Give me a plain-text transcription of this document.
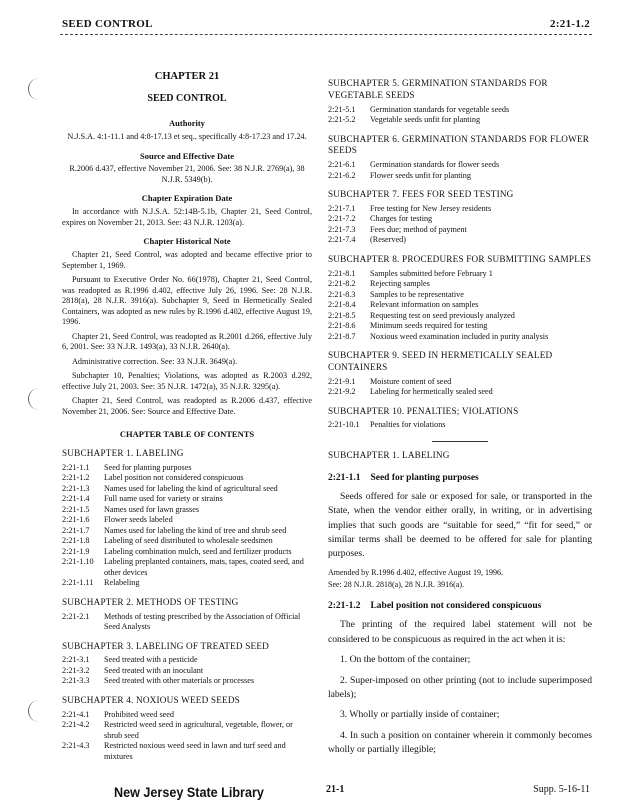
SEED CONTROL	2:21-1.2
CHAPTER 21
SEED CONTROL
Authority
N.J.S.A. 4:1-11.1 and 4:8-17.13 et seq., specifically 4:8-17.23 and 17.24.
Source and Effective Date
R.2006 d.437, effective November 21, 2006. See: 38 N.J.R. 2769(a), 38 N.J.R. 5349(b).
Chapter Expiration Date
In accordance with N.J.S.A. 52:14B-5.1b, Chapter 21, Seed Control, expires on November 21, 2013. See: 43 N.J.R. 1203(a).
Chapter Historical Note
Chapter 21, Seed Control, was adopted and became effective prior to September 1, 1969.
Pursuant to Executive Order No. 66(1978), Chapter 21, Seed Control, was readopted as R.1996 d.402, effective July 26, 1996. See: 28 N.J.R. 2818(a), 28 N.J.R. 3916(a). Subchapter 9, Seed in Hermetically Sealed Containers, was adopted as new rules by R.1996 d.402, effective August 19, 1996.
Chapter 21, Seed Control, was readopted as R.2001 d.266, effective July 6, 2001. See: 33 N.J.R. 1493(a), 33 N.J.R. 2640(a).
Administrative correction. See: 33 N.J.R. 3649(a).
Subchapter 10, Penalties; Violations, was adopted as R.2003 d.292, effective July 21, 2003. See: 35 N.J.R. 1472(a), 35 N.J.R. 3295(a).
Chapter 21, Seed Control, was readopted as R.2006 d.437, effective November 21, 2006. See: Source and Effective Date.
CHAPTER TABLE OF CONTENTS
SUBCHAPTER 1. LABELING
2:21-1.1	Seed for planting purposes
2:21-1.2	Label position not considered conspicuous
2:21-1.3	Names used for labeling the kind of agricultural seed
2:21-1.4	Full name used for variety or strains
2:21-1.5	Names used for lawn grasses
2:21-1.6	Flower seeds labeled
2:21-1.7	Names used for labeling the kind of tree and shrub seed
2:21-1.8	Labeling of seed distributed to wholesale seedsmen
2:21-1.9	Labeling combination mulch, seed and fertilizer products
2:21-1.10	Labeling preplanted containers, mats, tapes, coated seed, and other devices
2:21-1.11	Relabeling
SUBCHAPTER 2. METHODS OF TESTING
2:21-2.1	Methods of testing prescribed by the Association of Official Seed Analysts
SUBCHAPTER 3. LABELING OF TREATED SEED
2:21-3.1	Seed treated with a pesticide
2:21-3.2	Seed treated with an inoculant
2:21-3.3	Seed treated with other materials or processes
SUBCHAPTER 4. NOXIOUS WEED SEEDS
2:21-4.1	Prohibited weed seed
2:21-4.2	Restricted weed seed in agricultural, vegetable, flower, or shrub seed
2:21-4.3	Restricted noxious weed seed in lawn and turf seed and mixtures
SUBCHAPTER 5. GERMINATION STANDARDS FOR VEGETABLE SEEDS
2:21-5.1	Germination standards for vegetable seeds
2:21-5.2	Vegetable seeds unfit for planting
SUBCHAPTER 6. GERMINATION STANDARDS FOR FLOWER SEEDS
2:21-6.1	Germination standards for flower seeds
2:21-6.2	Flower seeds unfit for planting
SUBCHAPTER 7. FEES FOR SEED TESTING
2:21-7.1	Free testing for New Jersey residents
2:21-7.2	Charges for testing
2:21-7.3	Fees due; method of payment
2:21-7.4	(Reserved)
SUBCHAPTER 8. PROCEDURES FOR SUBMITTING SAMPLES
2:21-8.1	Samples submitted before February 1
2:21-8.2	Rejecting samples
2:21-8.3	Samples to be representative
2:21-8.4	Relevant information on samples
2:21-8.5	Requesting test on seed previously analyzed
2:21-8.6	Minimum seeds required for testing
2:21-8.7	Noxious weed examination included in purity analysis
SUBCHAPTER 9. SEED IN HERMETICALLY SEALED CONTAINERS
2:21-9.1	Moisture content of seed
2:21-9.2	Labeling for hermetically sealed seed
SUBCHAPTER 10. PENALTIES; VIOLATIONS
2:21-10.1	Penalties for violations
SUBCHAPTER 1. LABELING
2:21-1.1 Seed for planting purposes
Seeds offered for sale or exposed for sale, or transported in the State, when the vendor either orally, in writing, or in advertising implies that such goods are “suitable for seed,” “fit for seed,” or similar terms shall be deemed to be offered for sale for planting purposes.
Amended by R.1996 d.402, effective August 19, 1996.
See: 28 N.J.R. 2818(a), 28 N.J.R. 3916(a).
2:21-1.2 Label position not considered conspicuous
The printing of the required label statement will not be considered to be conspicuous as required in the act when it is:
1. On the bottom of the container;
2. Super-imposed on other printing (not to include superimposed labels);
3. Wholly or partially inside of container;
4. In such a position on container wherein it commonly becomes wholly or partially illegible;
New Jersey State Library	21-1	Supp. 5-16-11
